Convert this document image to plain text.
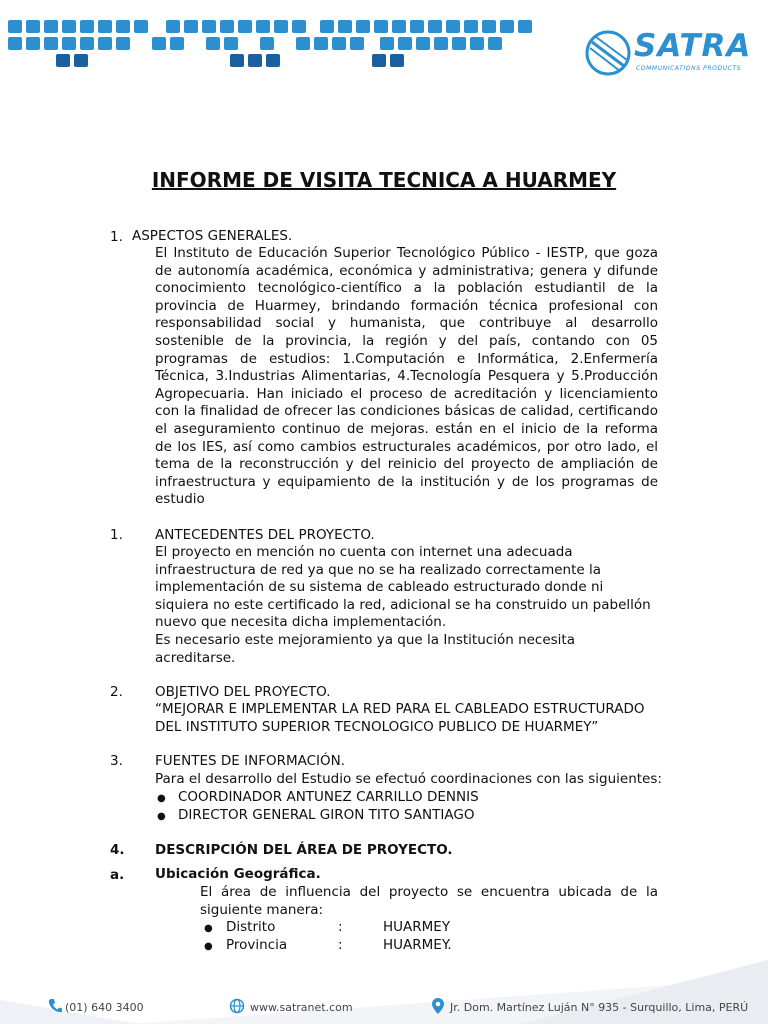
SATRA
COMMUNICATIONS PRODUCTS
INFORME DE VISITA TECNICA A HUARMEY
1. ASPECTOS GENERALES.
El Instituto de Educación Superior Tecnológico Público - IESTP, que goza
de autonomía académica, económica y administrativa; genera y difunde
conocimiento tecnológico-científico a la población estudiantil de la
provincia de Huarmey, brindando formación técnica profesional con
responsabilidad social y humanista, que contribuye al desarrollo
sostenible de la provincia, la región y del país, contando con 05
programas de estudios: 1.Computación e Informática, 2.Enfermería
Técnica, 3.Industrias Alimentarias, 4.Tecnología Pesquera y 5.Producción
Agropecuaria. Han iniciado el proceso de acreditación y licenciamiento
con la finalidad de ofrecer las condiciones básicas de calidad, certificando
el aseguramiento continuo de mejoras. están en el inicio de la reforma
de los IES, así como cambios estructurales académicos, por otro lado, el
tema de la reconstrucción y del reinicio del proyecto de ampliación de
infraestructura y equipamiento de la institución y de los programas de
estudio
1. ANTECEDENTES DEL PROYECTO.
El proyecto en mención no cuenta con internet una adecuada
infraestructura de red ya que no se ha realizado correctamente la
implementación de su sistema de cableado estructurado donde ni
siquiera no este certificado la red, adicional se ha construido un pabellón
nuevo que necesita dicha implementación.
Es necesario este mejoramiento ya que la Institución necesita
acreditarse.
2. OBJETIVO DEL PROYECTO.
“MEJORAR E IMPLEMENTAR LA RED PARA EL CABLEADO ESTRUCTURADO
DEL INSTITUTO SUPERIOR TECNOLOGICO PUBLICO DE HUARMEY”
3. FUENTES DE INFORMACIÓN.
Para el desarrollo del Estudio se efectuó coordinaciones con las siguientes:
● COORDINADOR ANTUNEZ CARRILLO DENNIS
● DIRECTOR GENERAL GIRON TITO SANTIAGO
4. DESCRIPCIÓN DEL ÁREA DE PROYECTO.
a. Ubicación Geográfica.
El área de influencia del proyecto se encuentra ubicada de la
siguiente manera:
● Distrito	:	HUARMEY
● Provincia	:	HUARMEY.
(01) 640 3400	www.satranet.com	Jr. Dom. Martínez Luján N° 935 - Surquillo, Lima, PERÚ
